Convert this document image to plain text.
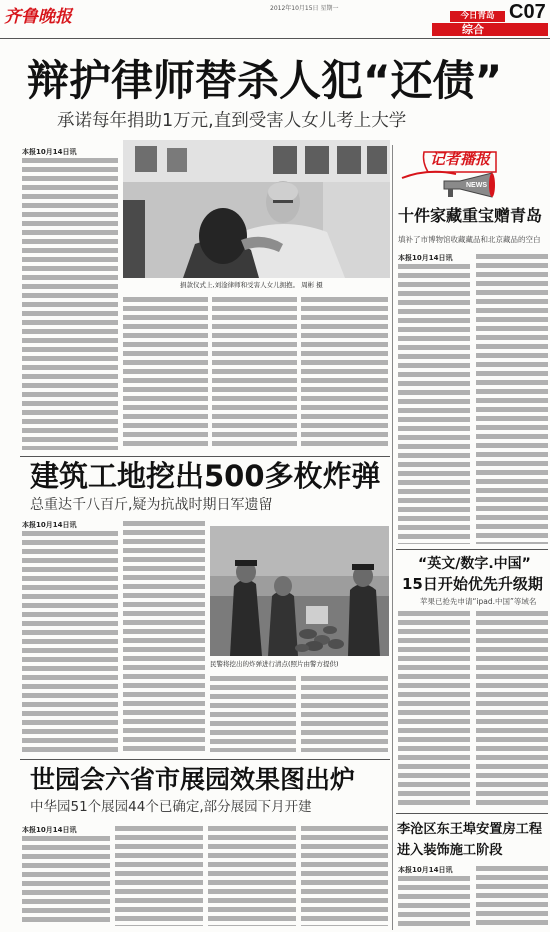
齐鲁晚报	2012年10月15日 星期一
今日青岛 C07
综合
辩护律师替杀人犯“还债”
承诺每年捐助1万元,直到受害人女儿考上大学
捐款仪式上,刘淦律师和受害人女儿拥抱。 周彬 摄
本报10月14日讯	记者播报
NEWS
十件家藏重宝赠青岛
填补了市博物馆收藏藏品和北京藏品的空白
本报10月14日讯
“英文/数字.中国”
15日开始优先升级期
苹果已抢先申请“ipad.中国”等域名
李沧区东王埠安置房工程
进入装饰施工阶段
本报10月14日讯
建筑工地挖出500多枚炸弹
总重达千八百斤,疑为抗战时期日军遗留
本报10月14日讯
民警将挖出的炸弹进行清点(照片由警方提供)
世园会六省市展园效果图出炉
中华园51个展园44个已确定,部分展园下月开建
本报10月14日讯
